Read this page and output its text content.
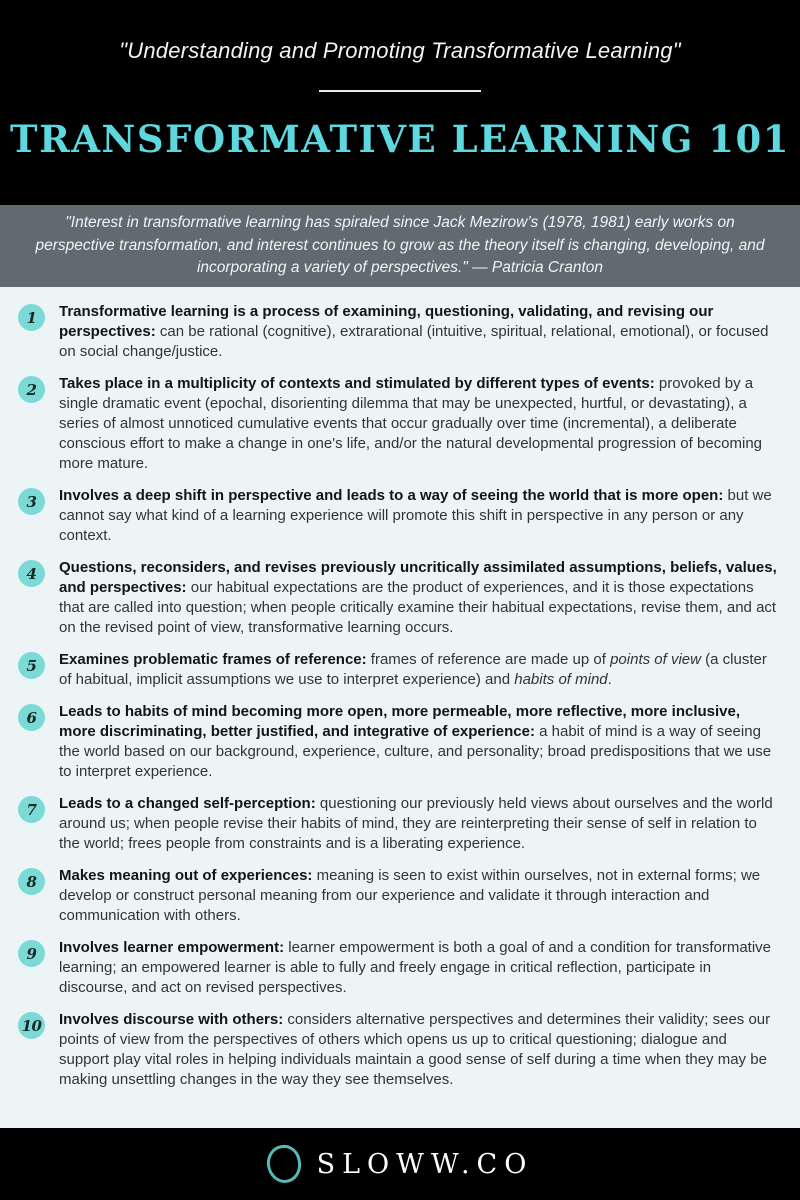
"Understanding and Promoting Transformative Learning"

TRANSFORMATIVE LEARNING 101

"Interest in transformative learning has spiraled since Jack Mezirow’s (1978, 1981) early works on perspective transformation, and interest continues to grow as the theory itself is changing, developing, and incorporating a variety of perspectives." — Patricia Cranton

1	Transformative learning is a process of examining, questioning, validating, and revising our perspectives: can be rational (cognitive), extrarational (intuitive, spiritual, relational, emotional), or focused on social change/justice.

2	Takes place in a multiplicity of contexts and stimulated by different types of events: provoked by a single dramatic event (epochal, disorienting dilemma that may be unexpected, hurtful, or devastating), a series of almost unnoticed cumulative events that occur gradually over time (incremental), a deliberate conscious effort to make a change in one's life, and/or the natural developmental progression of becoming more mature.

3	Involves a deep shift in perspective and leads to a way of seeing the world that is more open: but we cannot say what kind of a learning experience will promote this shift in perspective in any person or any context.

4	Questions, reconsiders, and revises previously uncritically assimilated assumptions, beliefs, values, and perspectives: our habitual expectations are the product of experiences, and it is those expectations that are called into question; when people critically examine their habitual expectations, revise them, and act on the revised point of view, transformative learning occurs.

5	Examines problematic frames of reference: frames of reference are made up of points of view (a cluster of habitual, implicit assumptions we use to interpret experience) and habits of mind.

6	Leads to habits of mind becoming more open, more permeable, more reflective, more inclusive, more discriminating, better justified, and integrative of experience: a habit of mind is a way of seeing the world based on our background, experience, culture, and personality; broad predispositions that we use to interpret experience.

7	Leads to a changed self-perception: questioning our previously held views about ourselves and the world around us; when people revise their habits of mind, they are reinterpreting their sense of self in relation to the world; frees people from constraints and is a liberating experience.

8	Makes meaning out of experiences: meaning is seen to exist within ourselves, not in external forms; we develop or construct personal meaning from our experience and validate it through interaction and communication with others.

9	Involves learner empowerment: learner empowerment is both a goal of and a condition for transformative learning; an empowered learner is able to fully and freely engage in critical reflection, participate in discourse, and act on revised perspectives.

10 Involves discourse with others: considers alternative perspectives and determines their validity; sees our points of view from the perspectives of others which opens us up to critical questioning; dialogue and support play vital roles in helping individuals maintain a good sense of self during a time when they may be making unsettling changes in the way they see themselves.

SLOWW.CO
